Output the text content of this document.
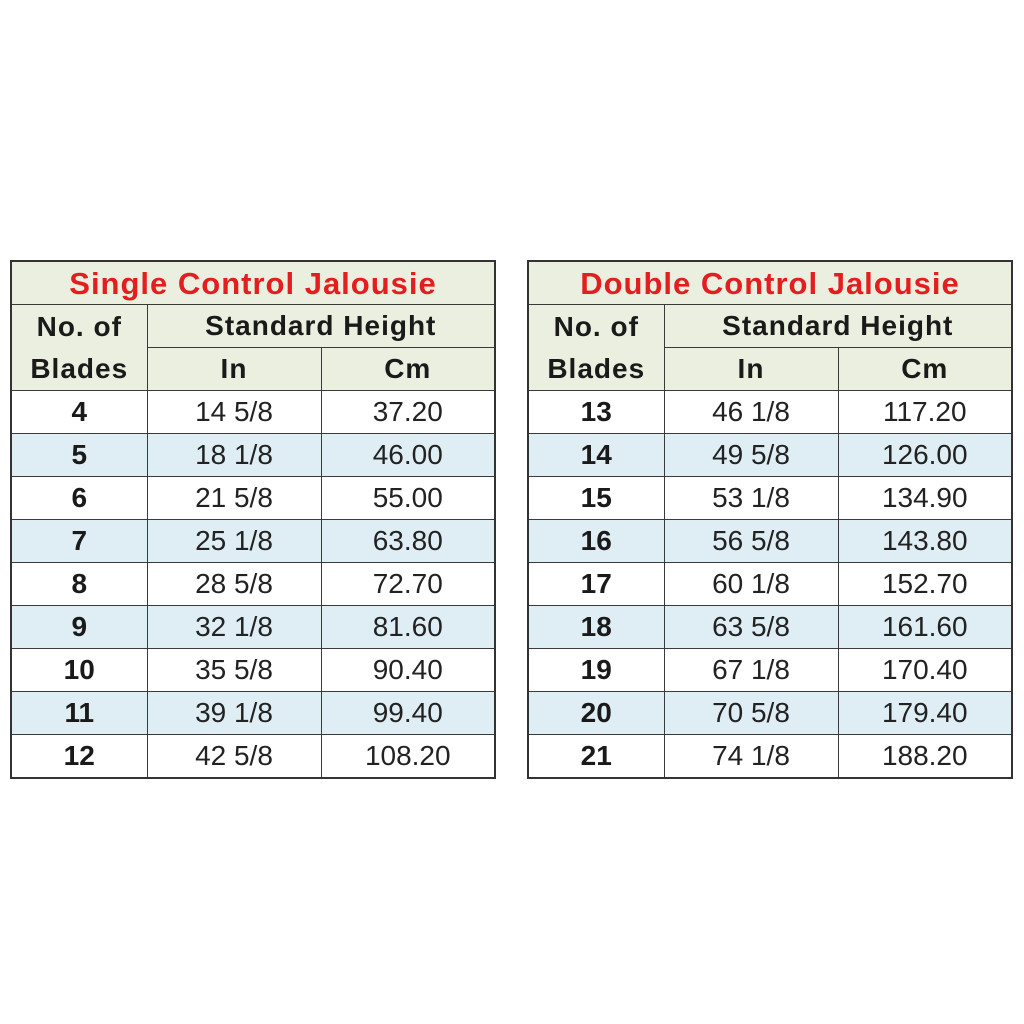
Single Control Jalousie		

No. of
Blades	Standard Height	
	In	Cm
4	14 5/8	37.20
5	18 1/8	46.00
6	21 5/8	55.00
7	25 1/8	63.80
8	28 5/8	72.70
9	32 1/8	81.60
10	35 5/8	90.40
11	39 1/8	99.40
12	42 5/8	108.20
Double Control Jalousie		

No. of
Blades	Standard Height	
	In	Cm
13	46 1/8	117.20
14	49 5/8	126.00
15	53 1/8	134.90
16	56 5/8	143.80
17	60 1/8	152.70
18	63 5/8	161.60
19	67 1/8	170.40
20	70 5/8	179.40
21	74 1/8	188.20
